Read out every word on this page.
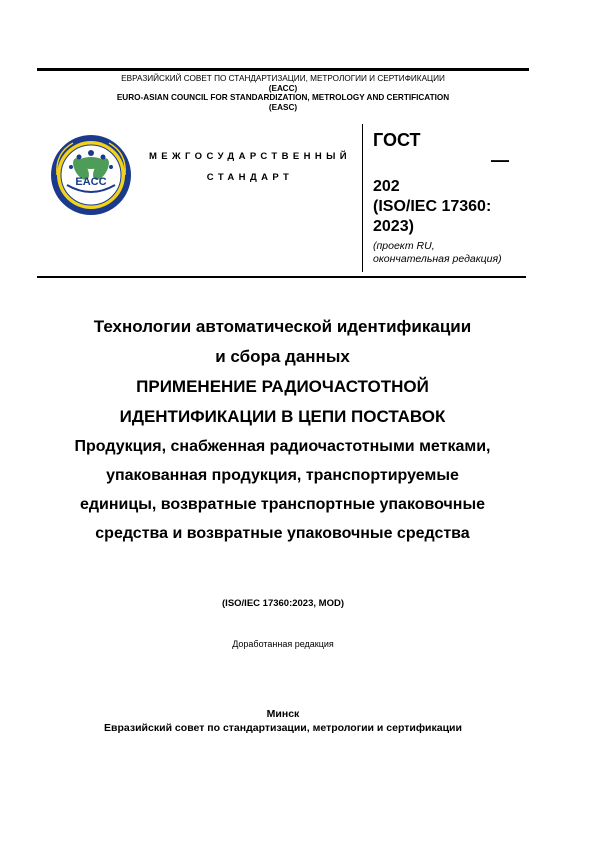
ЕВРАЗИЙСКИЙ СОВЕТ ПО СТАНДАРТИЗАЦИИ, МЕТРОЛОГИИ И СЕРТИФИКАЦИИ
(ЕАСС)
EURO-ASIAN COUNCIL FOR STANDARDIZATION, METROLOGY AND CERTIFICATION
(EASC)
EACC
МЕЖГОСУДАРСТВЕННЫЙ
СТАНДАРТ
ГОСТ
—
202
(ISO/IEC 17360:
2023)
(проект RU,
окончательная редакция)
Технологии автоматической идентификации
и сбора данных
ПРИМЕНЕНИЕ РАДИОЧАСТОТНОЙ
ИДЕНТИФИКАЦИИ В ЦЕПИ ПОСТАВОК
Продукция, снабженная радиочастотными метками,
упакованная продукция, транспортируемые
единицы, возвратные транспортные упаковочные
средства и возвратные упаковочные средства
(ISO/IEC 17360:2023, MOD)
Доработанная редакция
Минск
Евразийский совет по стандартизации, метрологии и сертификации
